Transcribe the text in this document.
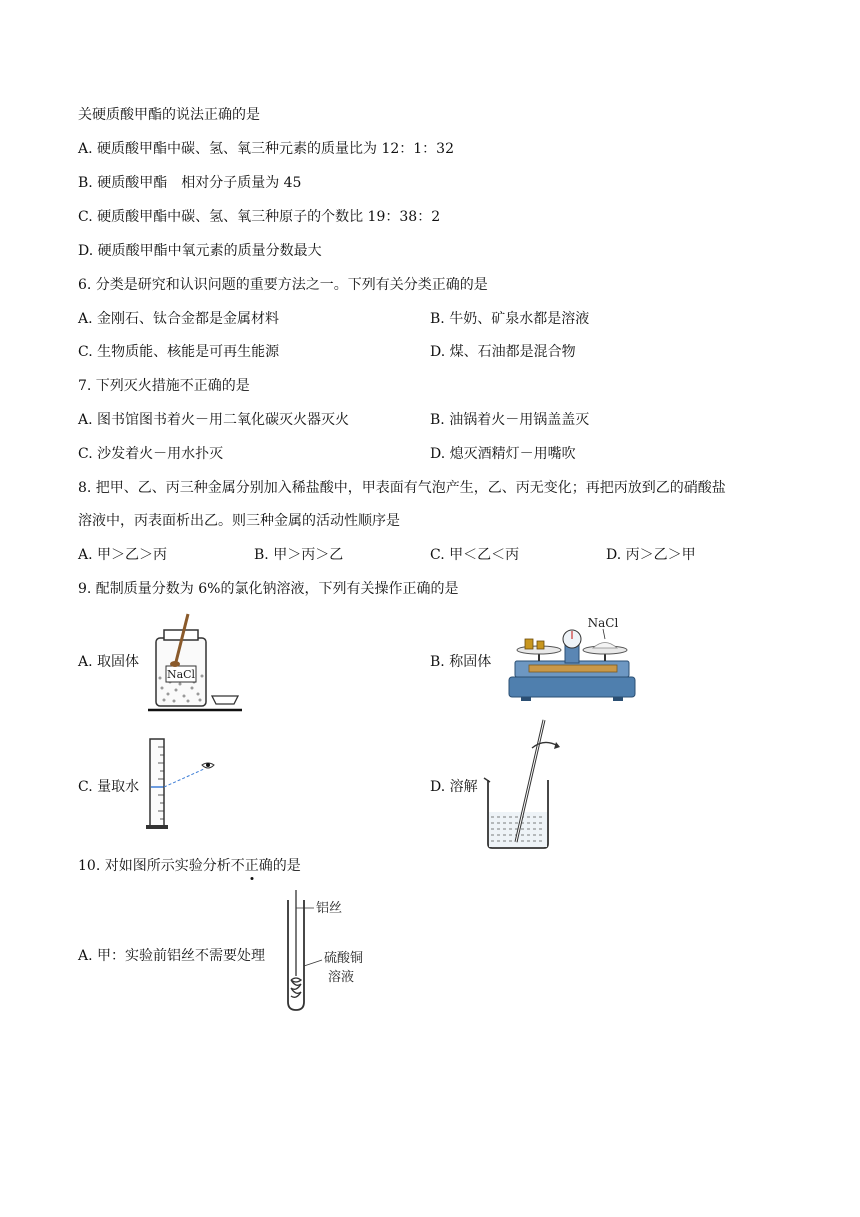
关硬质酸甲酯的说法正确的是
A. 硬质酸甲酯中碳、氢、氧三种元素的质量比为 12：1：32
B. 硬质酸甲酯　相对分子质量为 45
C. 硬质酸甲酯中碳、氢、氧三种原子的个数比 19：38：2
D. 硬质酸甲酯中氧元素的质量分数最大
6. 分类是研究和认识问题的重要方法之一。下列有关分类正确的是
A. 金刚石、钛合金都是金属材料	B. 牛奶、矿泉水都是溶液
C. 生物质能、核能是可再生能源	D. 煤、石油都是混合物
7. 下列灭火措施不正确的是
A. 图书馆图书着火－用二氧化碳灭火器灭火	B. 油锅着火－用锅盖盖灭
C. 沙发着火－用水扑灭	D. 熄灭酒精灯－用嘴吹
8. 把甲、乙、丙三种金属分别加入稀盐酸中，甲表面有气泡产生，乙、丙无变化；再把丙放到乙的硝酸盐
溶液中，丙表面析出乙。则三种金属的活动性顺序是
A. 甲＞乙＞丙	B. 甲＞丙＞乙	C. 甲＜乙＜丙	D. 丙＞乙＞甲
9. 配制质量分数为 6%的氯化钠溶液，下列有关操作正确的是
A. 取固体
NaCl
B. 称固体
NaCl
C. 量取水	D. 溶解
10. 对如图所示实验分析不正确的是
A. 甲：实验前铝丝不需要处理
铝丝
硫酸铜
溶液
